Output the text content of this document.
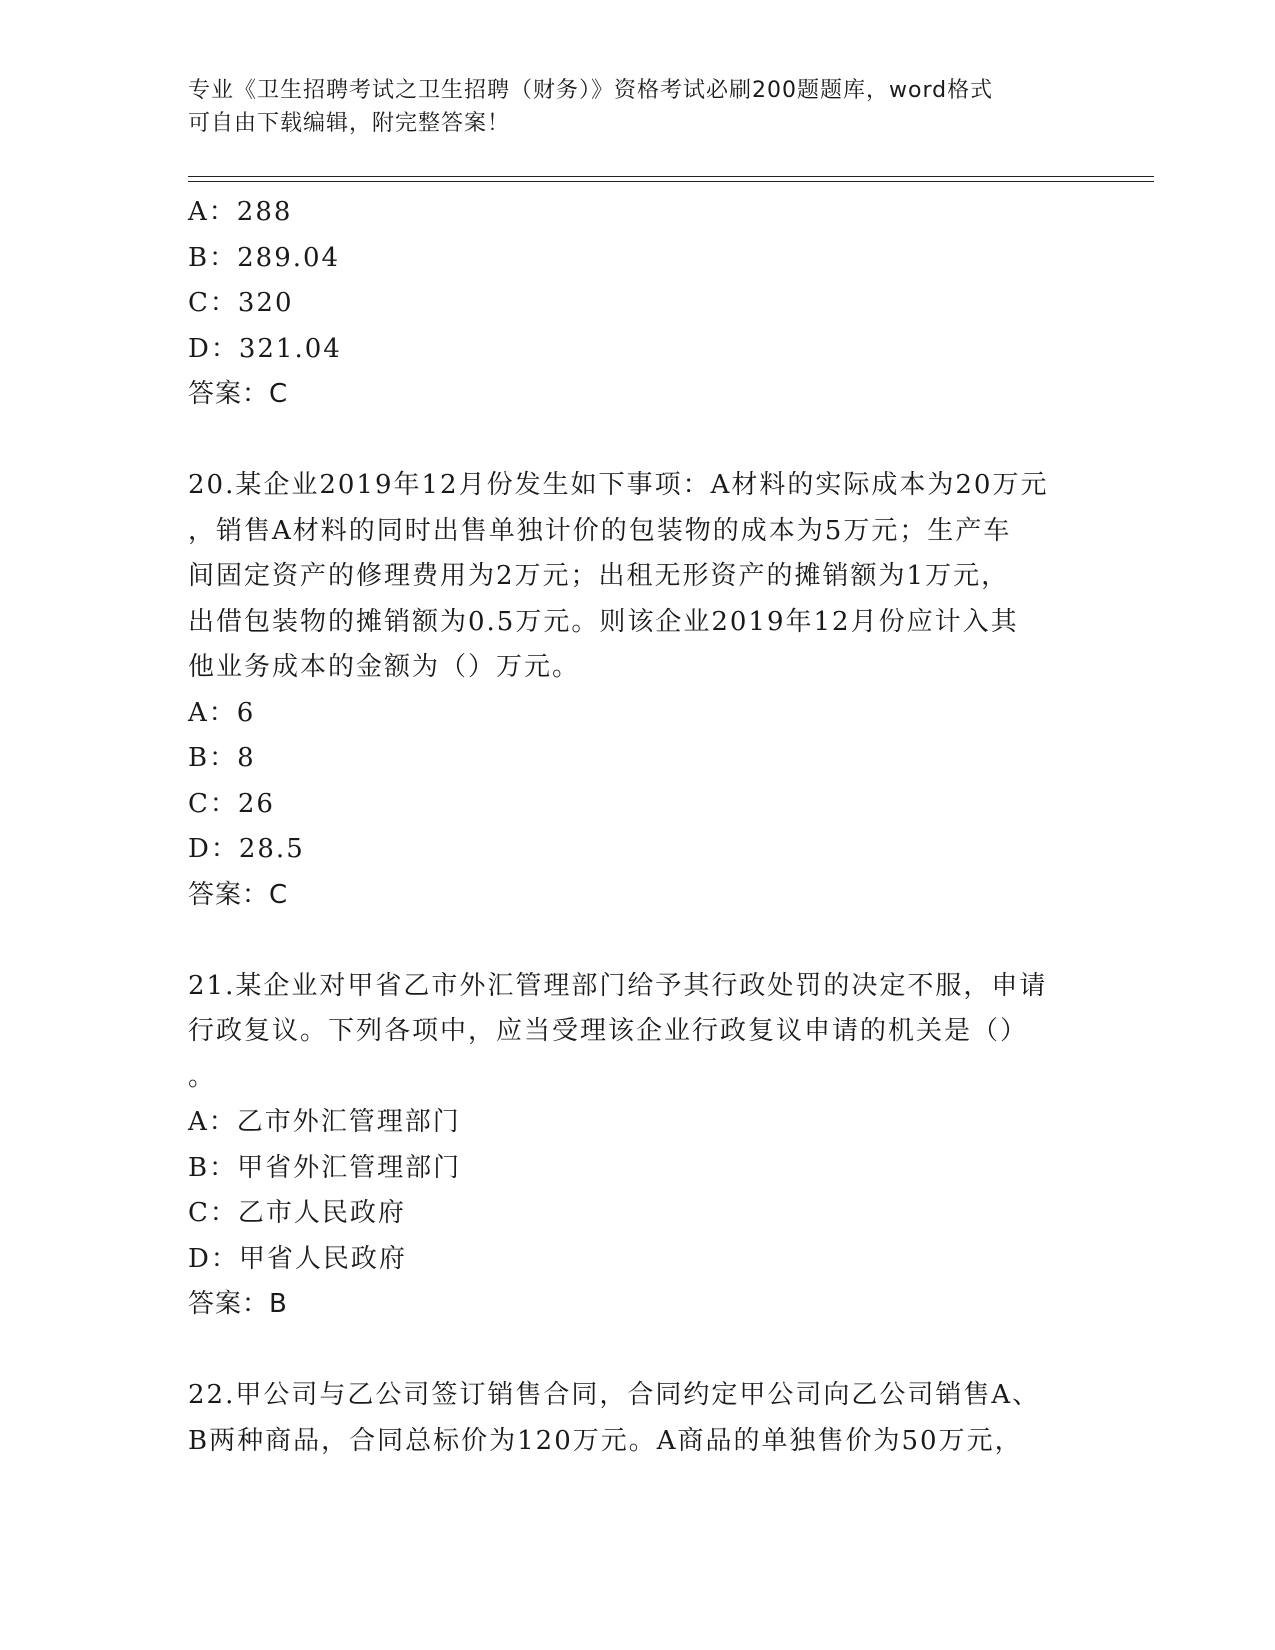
专业《卫生招聘考试之卫生招聘（财务）》资格考试必刷200题题库，word格式
可自由下载编辑，附完整答案！
A：288
B：289.04
C：320
D：321.04
答案：C
20.某企业2019年12月份发生如下事项：A材料的实际成本为20万元
，销售A材料的同时出售单独计价的包装物的成本为5万元；生产车
间固定资产的修理费用为2万元；出租无形资产的摊销额为1万元，
出借包装物的摊销额为0.5万元。则该企业2019年12月份应计入其
他业务成本的金额为（）万元。
A：6
B：8
C：26
D：28.5
答案：C
21.某企业对甲省乙市外汇管理部门给予其行政处罚的决定不服，申请
行政复议。下列各项中，应当受理该企业行政复议申请的机关是（）
。
A：乙市外汇管理部门
B：甲省外汇管理部门
C：乙市人民政府
D：甲省人民政府
答案：B
22.甲公司与乙公司签订销售合同，合同约定甲公司向乙公司销售A、
B两种商品，合同总标价为120万元。A商品的单独售价为50万元，
